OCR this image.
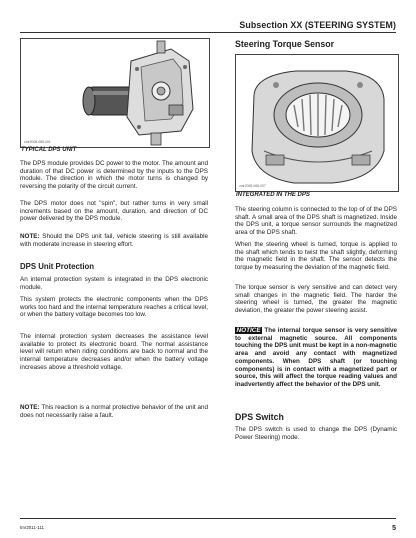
Subsection XX (STEERING SYSTEM)
vmr2008-068-001
TYPICAL DPS UNIT

The DPS module provides DC power to the motor. The amount and duration of that DC power is determined by the inputs to the DPS module. The direction in which the motor turns is changed by reversing the polarity of the circuit current.

The DPS motor does not "spin", but rather turns in very small increments based on the amount, duration, and direction of DC power delivered by the DPS module.

NOTE: Should the DPS unit fail, vehicle steering is still available with moderate increase in steering effort.

DPS Unit Protection

An internal protection system is integrated in the DPS electronic module.

This system protects the electronic components when the DPS works too hard and the internal temperature reaches a critical level, or when the battery voltage becomes too low.

The internal protection system decreases the assistance level available to protect its electronic board. The normal assistance level will return when riding conditions are back to normal and the internal temperature decreases and/or when the battery voltage increases above a threshold voltage.

NOTE: This reaction is a normal protective behavior of the unit and does not necessarily raise a fault.

Steering Torque Sensor
vmr2008-068-007
INTEGRATED IN THE DPS

The steering column is connected to the top of of the DPS shaft. A small area of the DPS shaft is magnetized. Inside the DPS unit, a torque sensor surrounds the magnetized area of the DPS shaft.

When the steering wheel is turned, torque is applied to the shaft which tends to twist the shaft slightly, deforming the magnetic field in the shaft. The sensor detects the torque by measuring the deviation of the magnetic field.

The torque sensor is very sensitive and can detect very small changes in the magnetic field. The harder the steering wheel is turned, the greater the magnetic deviation, the greater the power steering assist.

NOTICE The internal torque sensor is very sensitive to external magnetic source. All components touching the DPS unit must be kept in a non-magnetic area and avoid any contact with magnetized components. When DPS shaft (or touching components) is in contact with a magnetized part or source, this will affect the torque reading values and inadvertently affect the behavior of the DPS unit.

DPS Switch

The DPS switch is used to change the DPS (Dynamic Power Steering) mode.

tmr2011-111	5
